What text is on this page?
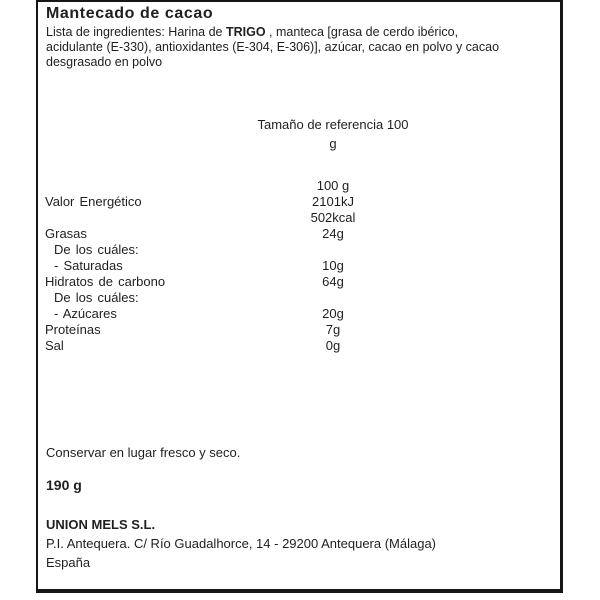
Mantecado de cacao
Lista de ingredientes: Harina de TRIGO , manteca [grasa de cerdo ibérico,
acidulante (E-330), antioxidantes (E-304, E-306)], azúcar, cacao en polvo y cacao
desgrasado en polvo
Tamaño de referencia 100
g
100 g
Valor Energético	2101kJ
502kcal
Grasas	24g
De los cuáles:
- Saturadas	10g
Hidratos de carbono	64g
De los cuáles:
- Azúcares	20g
Proteínas	7g
Sal	0g
Conservar en lugar fresco y seco.
190 g
UNION MELS S.L.
P.I. Antequera. C/ Río Guadalhorce, 14 - 29200 Antequera (Málaga)
España
